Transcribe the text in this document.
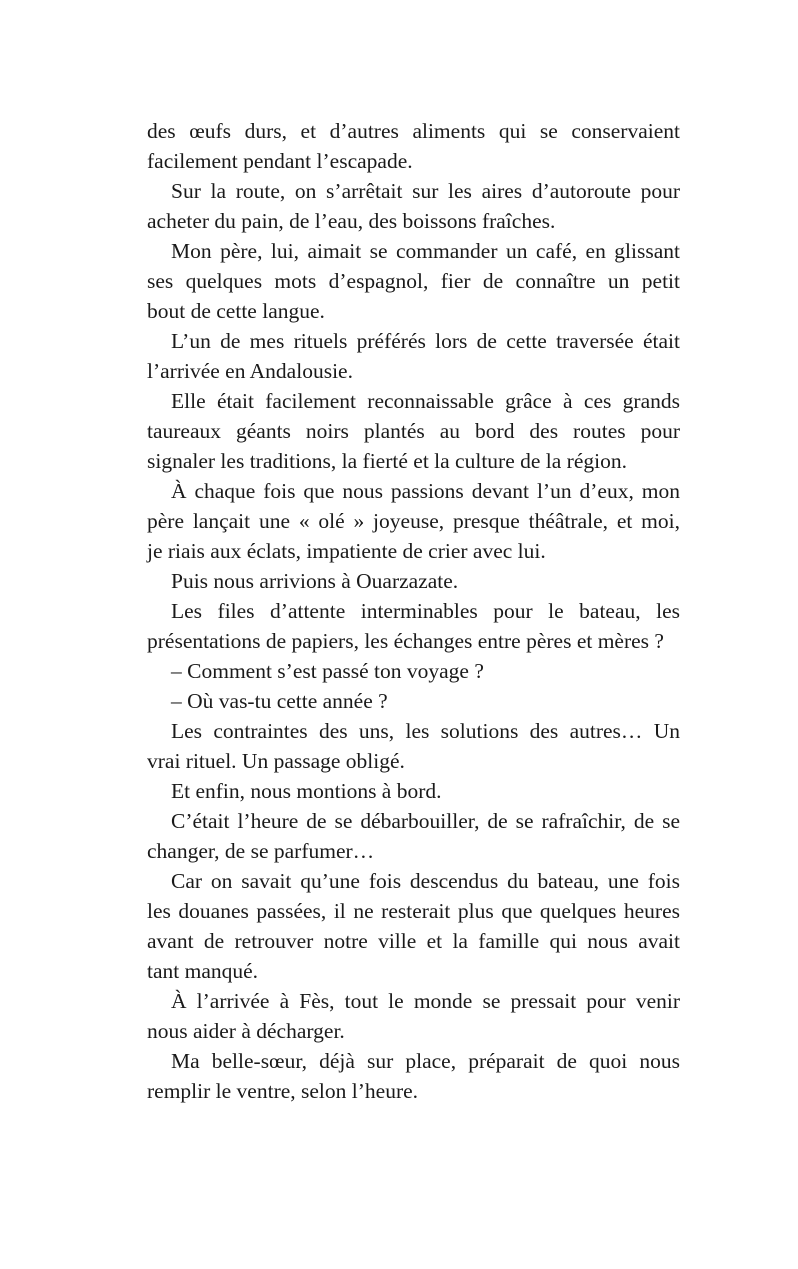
des œufs durs, et d’autres aliments qui se conservaient
facilement pendant l’escapade.
Sur la route, on s’arrêtait sur les aires d’autoroute pour
acheter du pain, de l’eau, des boissons fraîches.
Mon père, lui, aimait se commander un café, en glissant
ses quelques mots d’espagnol, fier de connaître un petit
bout de cette langue.
L’un de mes rituels préférés lors de cette traversée était
l’arrivée en Andalousie.
Elle était facilement reconnaissable grâce à ces grands
taureaux géants noirs plantés au bord des routes pour
signaler les traditions, la fierté et la culture de la région.
À chaque fois que nous passions devant l’un d’eux, mon
père lançait une « olé » joyeuse, presque théâtrale, et moi,
je riais aux éclats, impatiente de crier avec lui.
Puis nous arrivions à Ouarzazate.
Les files d’attente interminables pour le bateau, les
présentations de papiers, les échanges entre pères et mères ?
– Comment s’est passé ton voyage ?
– Où vas-tu cette année ?
Les contraintes des uns, les solutions des autres… Un
vrai rituel. Un passage obligé.
Et enfin, nous montions à bord.
C’était l’heure de se débarbouiller, de se rafraîchir, de se
changer, de se parfumer…
Car on savait qu’une fois descendus du bateau, une fois
les douanes passées, il ne resterait plus que quelques heures
avant de retrouver notre ville et la famille qui nous avait
tant manqué.
À l’arrivée à Fès, tout le monde se pressait pour venir
nous aider à décharger.
Ma belle-sœur, déjà sur place, préparait de quoi nous
remplir le ventre, selon l’heure.
